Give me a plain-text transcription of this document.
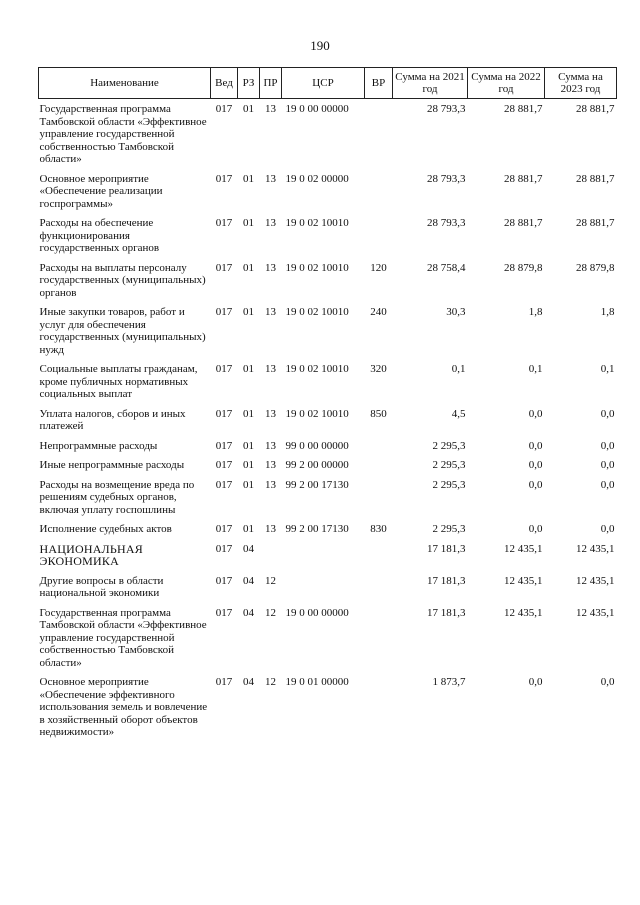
190
Наименование	Вед	РЗ	ПР	ЦСР	ВР	Сумма на 2021 год	Сумма на 2022 год	Сумма на 2023 год
Государственная программа Тамбовской области «Эффективное управление государственной собственностью Тамбовской области»	017	01	13	19 0 00 00000		28 793,3	28 881,7	28 881,7
Основное мероприятие «Обеспечение реализации госпрограммы»	017	01	13	19 0 02 00000		28 793,3	28 881,7	28 881,7
Расходы на обеспечение функционирования государственных органов	017	01	13	19 0 02 10010		28 793,3	28 881,7	28 881,7
Расходы на выплаты персоналу государственных (муниципальных) органов	017	01	13	19 0 02 10010	120	28 758,4	28 879,8	28 879,8
Иные закупки товаров, работ и услуг для обеспечения государственных (муниципальных) нужд	017	01	13	19 0 02 10010	240	30,3	1,8	1,8
Социальные выплаты гражданам, кроме публичных нормативных социальных выплат	017	01	13	19 0 02 10010	320	0,1	0,1	0,1
Уплата налогов, сборов и иных платежей	017	01	13	19 0 02 10010	850	4,5	0,0	0,0
Непрограммные расходы	017	01	13	99 0 00 00000		2 295,3	0,0	0,0
Иные непрограммные расходы	017	01	13	99 2 00 00000		2 295,3	0,0	0,0
Расходы на возмещение вреда по решениям судебных органов, включая уплату госпошлины	017	01	13	99 2 00 17130		2 295,3	0,0	0,0
Исполнение судебных актов	017	01	13	99 2 00 17130	830	2 295,3	0,0	0,0
НАЦИОНАЛЬНАЯ ЭКОНОМИКА	017	04				17 181,3	12 435,1	12 435,1
Другие вопросы в области национальной экономики	017	04	12			17 181,3	12 435,1	12 435,1
Государственная программа Тамбовской области «Эффективное управление государственной собственностью Тамбовской области»	017	04	12	19 0 00 00000		17 181,3	12 435,1	12 435,1
Основное мероприятие «Обеспечение эффективного использования земель и вовлечение в хозяйственный оборот объектов недвижимости»	017	04	12	19 0 01 00000		1 873,7	0,0	0,0
